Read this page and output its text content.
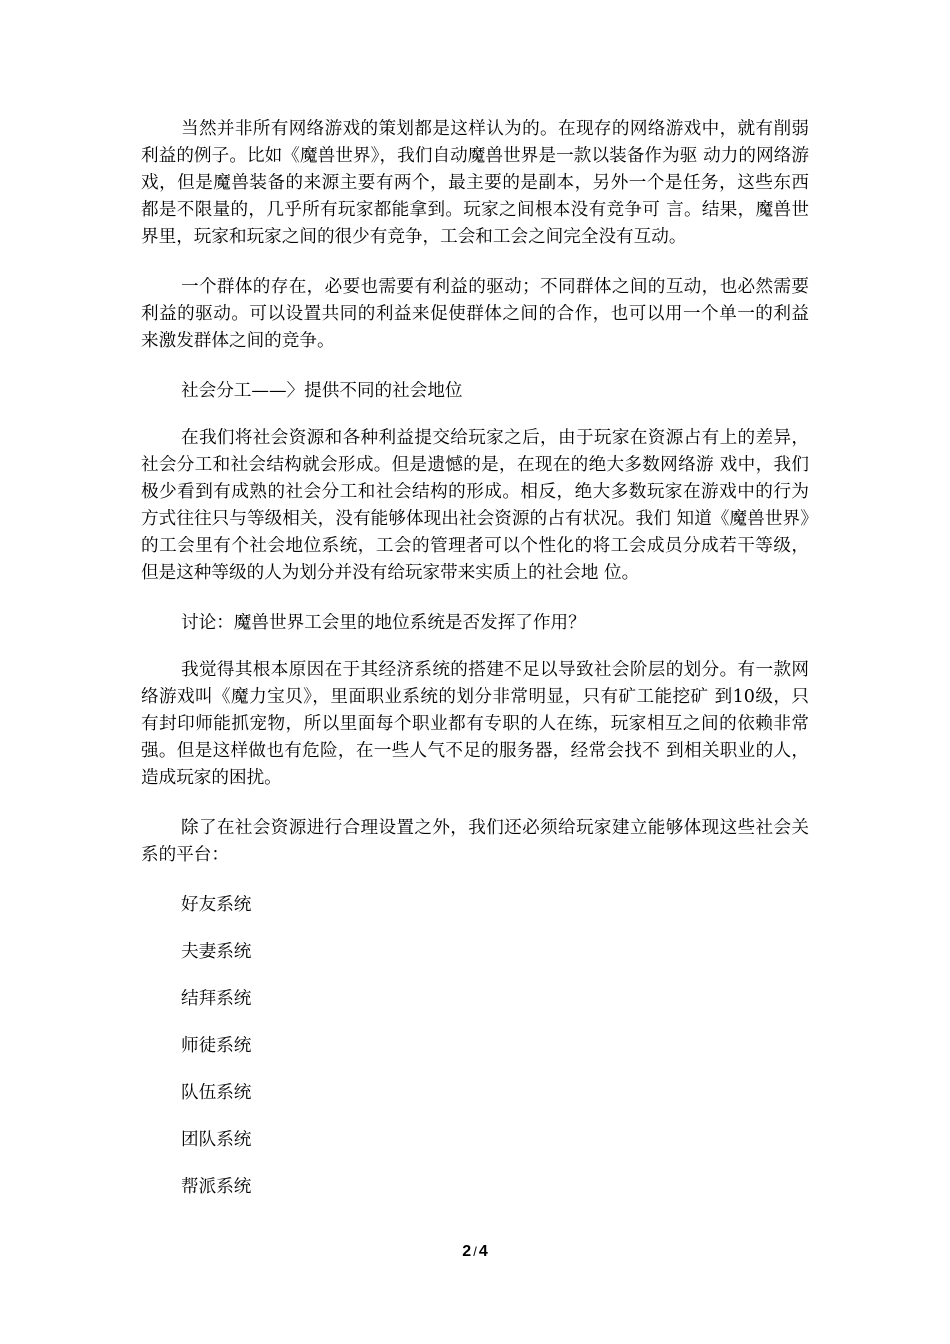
当然并非所有网络游戏的策划都是这样认为的。在现存的网络游戏中，就有削弱利益的例子。比如《魔兽世界》，我们自动魔兽世界是一款以装备作为驱 动力的网络游戏，但是魔兽装备的来源主要有两个，最主要的是副本，另外一个是任务，这些东西都是不限量的，几乎所有玩家都能拿到。玩家之间根本没有竞争可 言。结果，魔兽世界里，玩家和玩家之间的很少有竞争，工会和工会之间完全没有互动。

一个群体的存在，必要也需要有利益的驱动；不同群体之间的互动，也必然需要利益的驱动。可以设置共同的利益来促使群体之间的合作，也可以用一个单一的利益来激发群体之间的竞争。

社会分工——〉提供不同的社会地位

在我们将社会资源和各种利益提交给玩家之后，由于玩家在资源占有上的差异，社会分工和社会结构就会形成。但是遗憾的是，在现在的绝大多数网络游 戏中，我们极少看到有成熟的社会分工和社会结构的形成。相反，绝大多数玩家在游戏中的行为方式往往只与等级相关，没有能够体现出社会资源的占有状况。我们 知道《魔兽世界》的工会里有个社会地位系统，工会的管理者可以个性化的将工会成员分成若干等级，但是这种等级的人为划分并没有给玩家带来实质上的社会地 位。

讨论：魔兽世界工会里的地位系统是否发挥了作用？

我觉得其根本原因在于其经济系统的搭建不足以导致社会阶层的划分。有一款网络游戏叫《魔力宝贝》，里面职业系统的划分非常明显，只有矿工能挖矿 到10级，只有封印师能抓宠物，所以里面每个职业都有专职的人在练，玩家相互之间的依赖非常强。但是这样做也有危险，在一些人气不足的服务器，经常会找不 到相关职业的人，造成玩家的困扰。

除了在社会资源进行合理设置之外，我们还必须给玩家建立能够体现这些社会关系的平台：

好友系统

夫妻系统

结拜系统

师徒系统

队伍系统

团队系统

帮派系统

2 / 4
